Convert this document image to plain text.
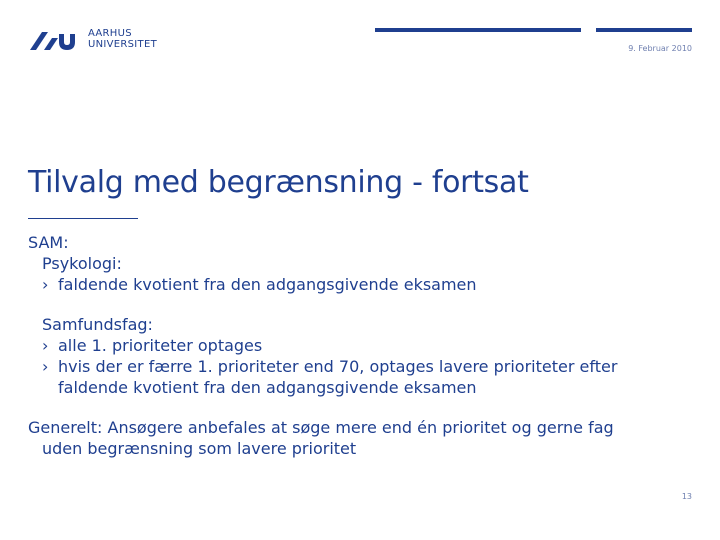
AARHUS
UNIVERSITET	9. Februar 2010
Tilvalg med begrænsning - fortsat
SAM:
Psykologi:
› faldende kvotient fra den adgangsgivende eksamen
Samfundsfag:
› alle 1. prioriteter optages
› hvis der er færre 1. prioriteter end 70, optages lavere prioriteter efter
faldende kvotient fra den adgangsgivende eksamen
Generelt: Ansøgere anbefales at søge mere end én prioritet og gerne fag
uden begrænsning som lavere prioritet
13
